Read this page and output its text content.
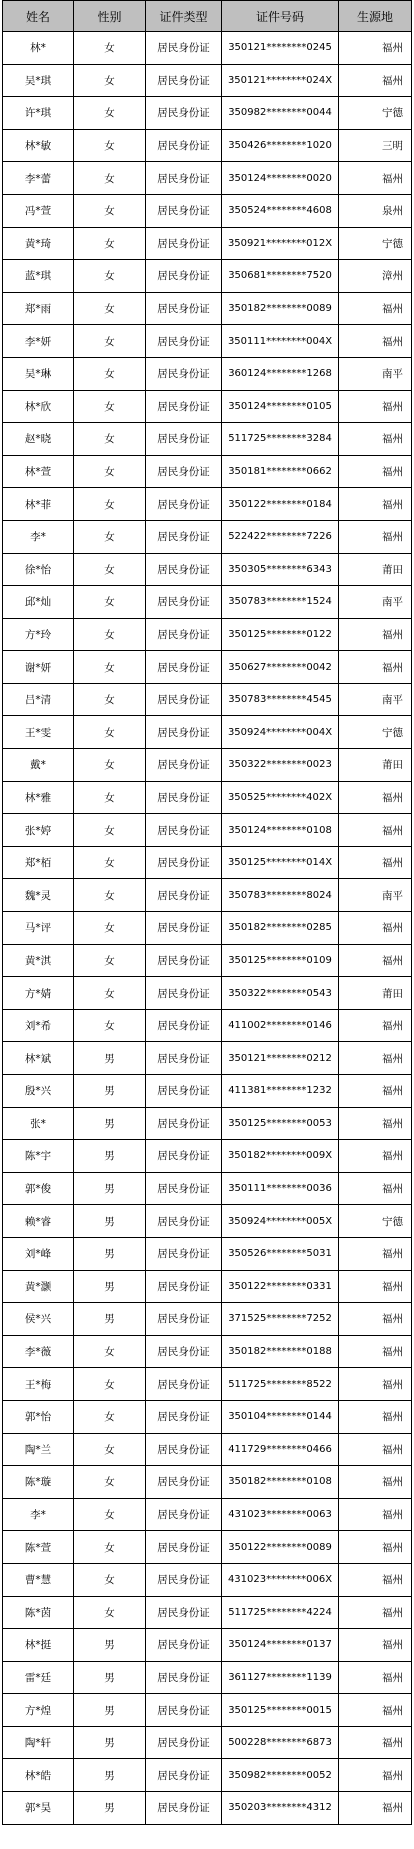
姓名	性别	证件类型	证件号码	生源地
林*	女	居民身份证	350121********0245	福州
吴*琪	女	居民身份证	350121********024X	福州
许*琪	女	居民身份证	350982********0044	宁德
林*敏	女	居民身份证	350426********1020	三明
李*蕾	女	居民身份证	350124********0020	福州
冯*萱	女	居民身份证	350524********4608	泉州
黄*琦	女	居民身份证	350921********012X	宁德
蓝*琪	女	居民身份证	350681********7520	漳州
郑*雨	女	居民身份证	350182********0089	福州
李*妍	女	居民身份证	350111********004X	福州
吴*琳	女	居民身份证	360124********1268	南平
林*欣	女	居民身份证	350124********0105	福州
赵*晓	女	居民身份证	511725********3284	福州
林*萱	女	居民身份证	350181********0662	福州
林*菲	女	居民身份证	350122********0184	福州
李*	女	居民身份证	522422********7226	福州
徐*怡	女	居民身份证	350305********6343	莆田
邱*灿	女	居民身份证	350783********1524	南平
方*玲	女	居民身份证	350125********0122	福州
谢*妍	女	居民身份证	350627********0042	福州
吕*清	女	居民身份证	350783********4545	南平
王*雯	女	居民身份证	350924********004X	宁德
戴*	女	居民身份证	350322********0023	莆田
林*雅	女	居民身份证	350525********402X	福州
张*婷	女	居民身份证	350124********0108	福州
郑*栢	女	居民身份证	350125********014X	福州
魏*灵	女	居民身份证	350783********8024	南平
马*评	女	居民身份证	350182********0285	福州
黄*淇	女	居民身份证	350125********0109	福州
方*婧	女	居民身份证	350322********0543	莆田
刘*希	女	居民身份证	411002********0146	福州
林*斌	男	居民身份证	350121********0212	福州
殷*兴	男	居民身份证	411381********1232	福州
张*	男	居民身份证	350125********0053	福州
陈*宇	男	居民身份证	350182********009X	福州
郭*俊	男	居民身份证	350111********0036	福州
赖*睿	男	居民身份证	350924********005X	宁德
刘*峰	男	居民身份证	350526********5031	福州
黄*灏	男	居民身份证	350122********0331	福州
侯*兴	男	居民身份证	371525********7252	福州
李*薇	女	居民身份证	350182********0188	福州
王*梅	女	居民身份证	511725********8522	福州
郭*怡	女	居民身份证	350104********0144	福州
陶*兰	女	居民身份证	411729********0466	福州
陈*璇	女	居民身份证	350182********0108	福州
李*	女	居民身份证	431023********0063	福州
陈*萱	女	居民身份证	350122********0089	福州
曹*慧	女	居民身份证	431023********006X	福州
陈*茵	女	居民身份证	511725********4224	福州
林*挺	男	居民身份证	350124********0137	福州
雷*廷	男	居民身份证	361127********1139	福州
方*煌	男	居民身份证	350125********0015	福州
陶*轩	男	居民身份证	500228********6873	福州
林*皓	男	居民身份证	350982********0052	福州
郭*昊	男	居民身份证	350203********4312	福州
